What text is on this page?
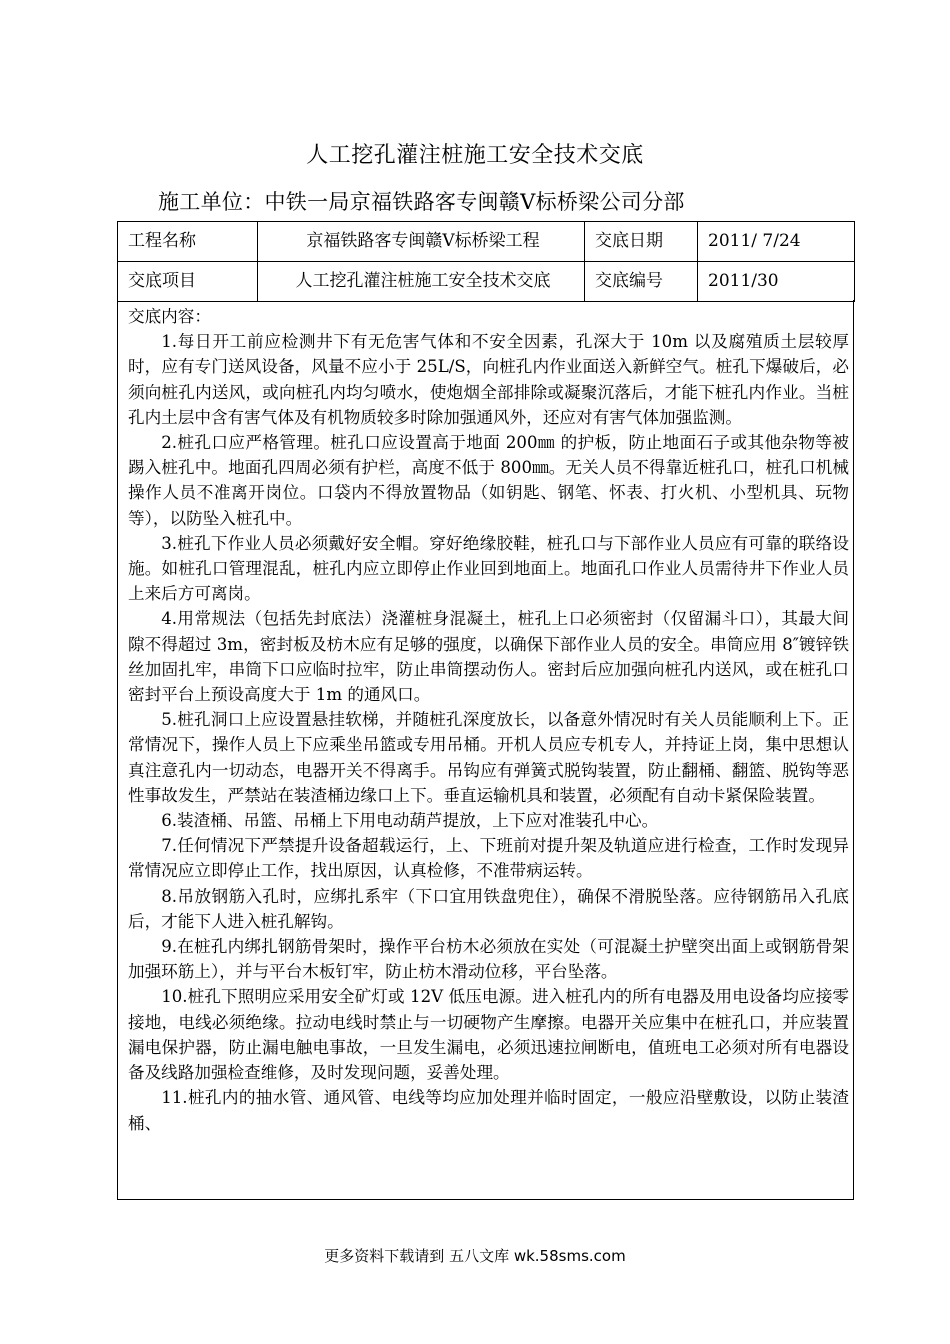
人工挖孔灌注桩施工安全技术交底
施工单位：中铁一局京福铁路客专闽赣Ⅴ标桥梁公司分部
工程名称	京福铁路客专闽赣Ⅴ标桥梁工程	交底日期	2011/ 7/24
交底项目	人工挖孔灌注桩施工安全技术交底	交底编号	2011/30

交底内容：

1.每日开工前应检测井下有无危害气体和不安全因素，孔深大于 10m 以及腐殖质土层较厚时，应有专门送风设备，风量不应小于 25L/S，向桩孔内作业面送入新鲜空气。桩孔下爆破后，必须向桩孔内送风，或向桩孔内均匀喷水，使炮烟全部排除或凝聚沉落后，才能下桩孔内作业。当桩孔内土层中含有害气体及有机物质较多时除加强通风外，还应对有害气体加强监测。

2.桩孔口应严格管理。桩孔口应设置高于地面 200㎜ 的护板，防止地面石子或其他杂物等被踢入桩孔中。地面孔四周必须有护栏，高度不低于 800㎜。无关人员不得靠近桩孔口，桩孔口机械操作人员不准离开岗位。口袋内不得放置物品（如钥匙、钢笔、怀表、打火机、小型机具、玩物等），以防坠入桩孔中。

3.桩孔下作业人员必须戴好安全帽。穿好绝缘胶鞋，桩孔口与下部作业人员应有可靠的联络设施。如桩孔口管理混乱，桩孔内应立即停止作业回到地面上。地面孔口作业人员需待井下作业人员上来后方可离岗。

4.用常规法（包括先封底法）浇灌桩身混凝土，桩孔上口必须密封（仅留漏斗口），其最大间隙不得超过 3m，密封板及枋木应有足够的强度，以确保下部作业人员的安全。串筒应用 8″镀锌铁丝加固扎牢，串筒下口应临时拉牢，防止串筒摆动伤人。密封后应加强向桩孔内送风，或在桩孔口密封平台上预设高度大于 1m 的通风口。

5.桩孔洞口上应设置悬挂软梯，并随桩孔深度放长，以备意外情况时有关人员能顺利上下。正常情况下，操作人员上下应乘坐吊篮或专用吊桶。开机人员应专机专人，并持证上岗，集中思想认真注意孔内一切动态，电器开关不得离手。吊钩应有弹簧式脱钩装置，防止翻桶、翻篮、脱钩等恶性事故发生，严禁站在装渣桶边缘口上下。垂直运输机具和装置，必须配有自动卡紧保险装置。

6.装渣桶、吊篮、吊桶上下用电动葫芦提放，上下应对准装孔中心。

7.任何情况下严禁提升设备超载运行，上、下班前对提升架及轨道应进行检查，工作时发现异常情况应立即停止工作，找出原因，认真检修，不准带病运转。

8.吊放钢筋入孔时，应绑扎系牢（下口宜用铁盘兜住），确保不滑脱坠落。应待钢筋吊入孔底后，才能下人进入桩孔解钩。

9.在桩孔内绑扎钢筋骨架时，操作平台枋木必须放在实处（可混凝土护壁突出面上或钢筋骨架加强环筋上），并与平台木板钉牢，防止枋木滑动位移，平台坠落。

10.桩孔下照明应采用安全矿灯或 12V 低压电源。进入桩孔内的所有电器及用电设备均应接零接地，电线必须绝缘。拉动电线时禁止与一切硬物产生摩擦。电器开关应集中在桩孔口，并应装置漏电保护器，防止漏电触电事故，一旦发生漏电，必须迅速拉闸断电，值班电工必须对所有电器设备及线路加强检查维修，及时发现问题，妥善处理。

11.桩孔内的抽水管、通风管、电线等均应加处理并临时固定，一般应沿壁敷设，以防止装渣桶、

更多资料下载请到 五八文库 wk.58sms.com
